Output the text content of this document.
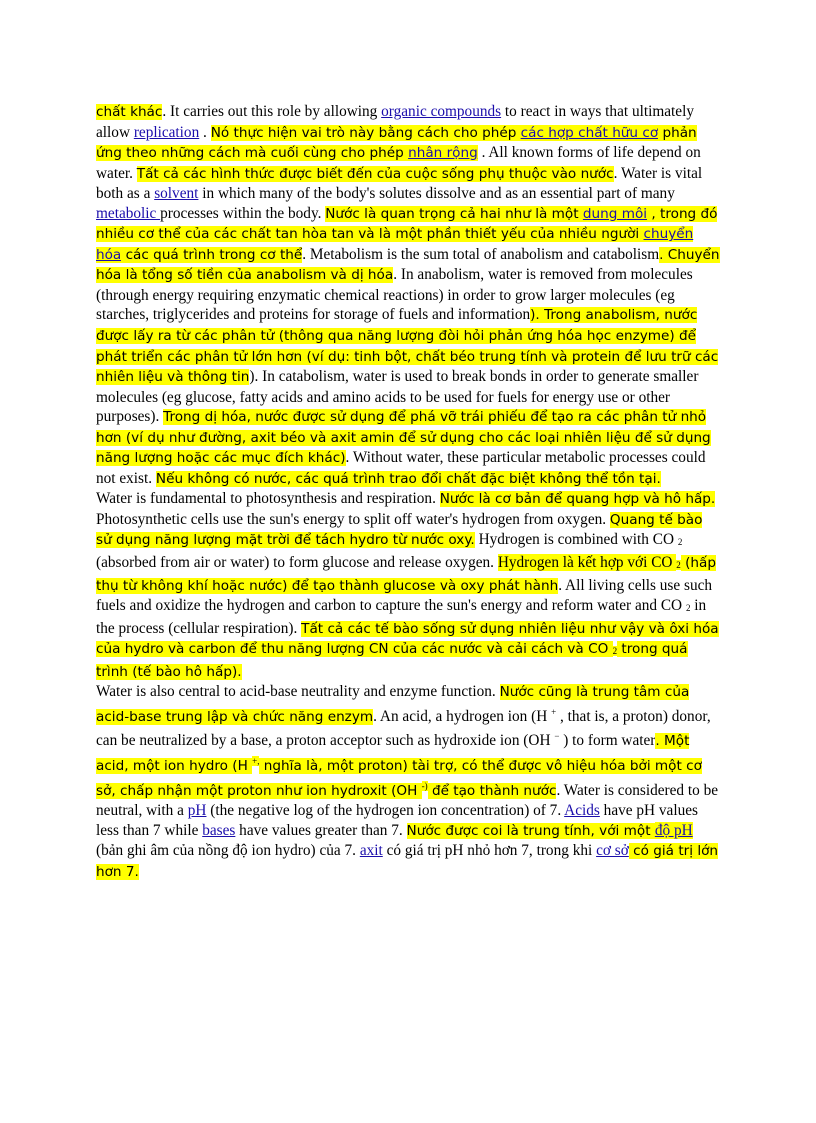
chất khác. It carries out this role by allowing organic compounds to react in ways that ultimately allow replication . Nó thực hiện vai trò này bằng cách cho phép các hợp chất hữu cơ phản ứng theo những cách mà cuối cùng cho phép nhân rộng . All known forms of life depend on water. Tất cả các hình thức được biết đến của cuộc sống phụ thuộc vào nước. Water is vital both as a solvent in which many of the body's solutes dissolve and as an essential part of many metabolic processes within the body. Nước là quan trọng cả hai như là một dung môi , trong đó nhiều cơ thể của các chất tan hòa tan và là một phần thiết yếu của nhiều người chuyển hóa các quá trình trong cơ thể. Metabolism is the sum total of anabolism and catabolism. Chuyển hóa là tổng số tiền của anabolism và dị hóa. In anabolism, water is removed from molecules (through energy requiring enzymatic chemical reactions) in order to grow larger molecules (eg starches, triglycerides and proteins for storage of fuels and information). Trong anabolism, nước được lấy ra từ các phân tử (thông qua năng lượng đòi hỏi phản ứng hóa học enzyme) để phát triển các phân tử lớn hơn (ví dụ: tinh bột, chất béo trung tính và protein để lưu trữ các nhiên liệu và thông tin). In catabolism, water is used to break bonds in order to generate smaller molecules (eg glucose, fatty acids and amino acids to be used for fuels for energy use or other purposes). Trong dị hóa, nước được sử dụng để phá vỡ trái phiếu để tạo ra các phân tử nhỏ hơn (ví dụ như đường, axit béo và axit amin để sử dụng cho các loại nhiên liệu để sử dụng năng lượng hoặc các mục đích khác). Without water, these particular metabolic processes could not exist. Nếu không có nước, các quá trình trao đổi chất đặc biệt không thể tồn tại.

Water is fundamental to photosynthesis and respiration. Nước là cơ bản để quang hợp và hô hấp. Photosynthetic cells use the sun's energy to split off water's hydrogen from oxygen. Quang tế bào sử dụng năng lượng mặt trời để tách hydro từ nước oxy. Hydrogen is combined with CO $_2$ (absorbed from air or water) to form glucose and release oxygen. Hydrogen là kết hợp với CO $_2$ (hấp thụ từ không khí hoặc nước) để tạo thành glucose và oxy phát hành. All living cells use such fuels and oxidize the hydrogen and carbon to capture the sun's energy and reform water and CO $_2$ in the process (cellular respiration). Tất cả các tế bào sống sử dụng nhiên liệu như vậy và ôxi hóa của hydro và carbon để thu năng lượng CN của các nước và cải cách và CO $_2$ trong quá trình (tế bào hô hấp).

Water is also central to acid-base neutrality and enzyme function. Nước cũng là trung tâm của acid-base trung lập và chức năng enzym. An acid, a hydrogen ion (H + , that is, a proton) donor, can be neutralized by a base, a proton acceptor such as hydroxide ion (OH − ) to form water. Một acid, một ion hydro (H +, nghĩa là, một proton) tài trợ, có thể được vô hiệu hóa bởi một cơ sở, chấp nhận một proton như ion hydroxit (OH -) để tạo thành nước. Water is considered to be neutral, with a pH (the negative log of the hydrogen ion concentration) of 7. Acids have pH values less than 7 while bases have values greater than 7. Nước được coi là trung tính, với một độ pH (bản ghi âm của nồng độ ion hydro) của 7. axit có giá trị pH nhỏ hơn 7, trong khi cơ sở có giá trị lớn hơn 7.
